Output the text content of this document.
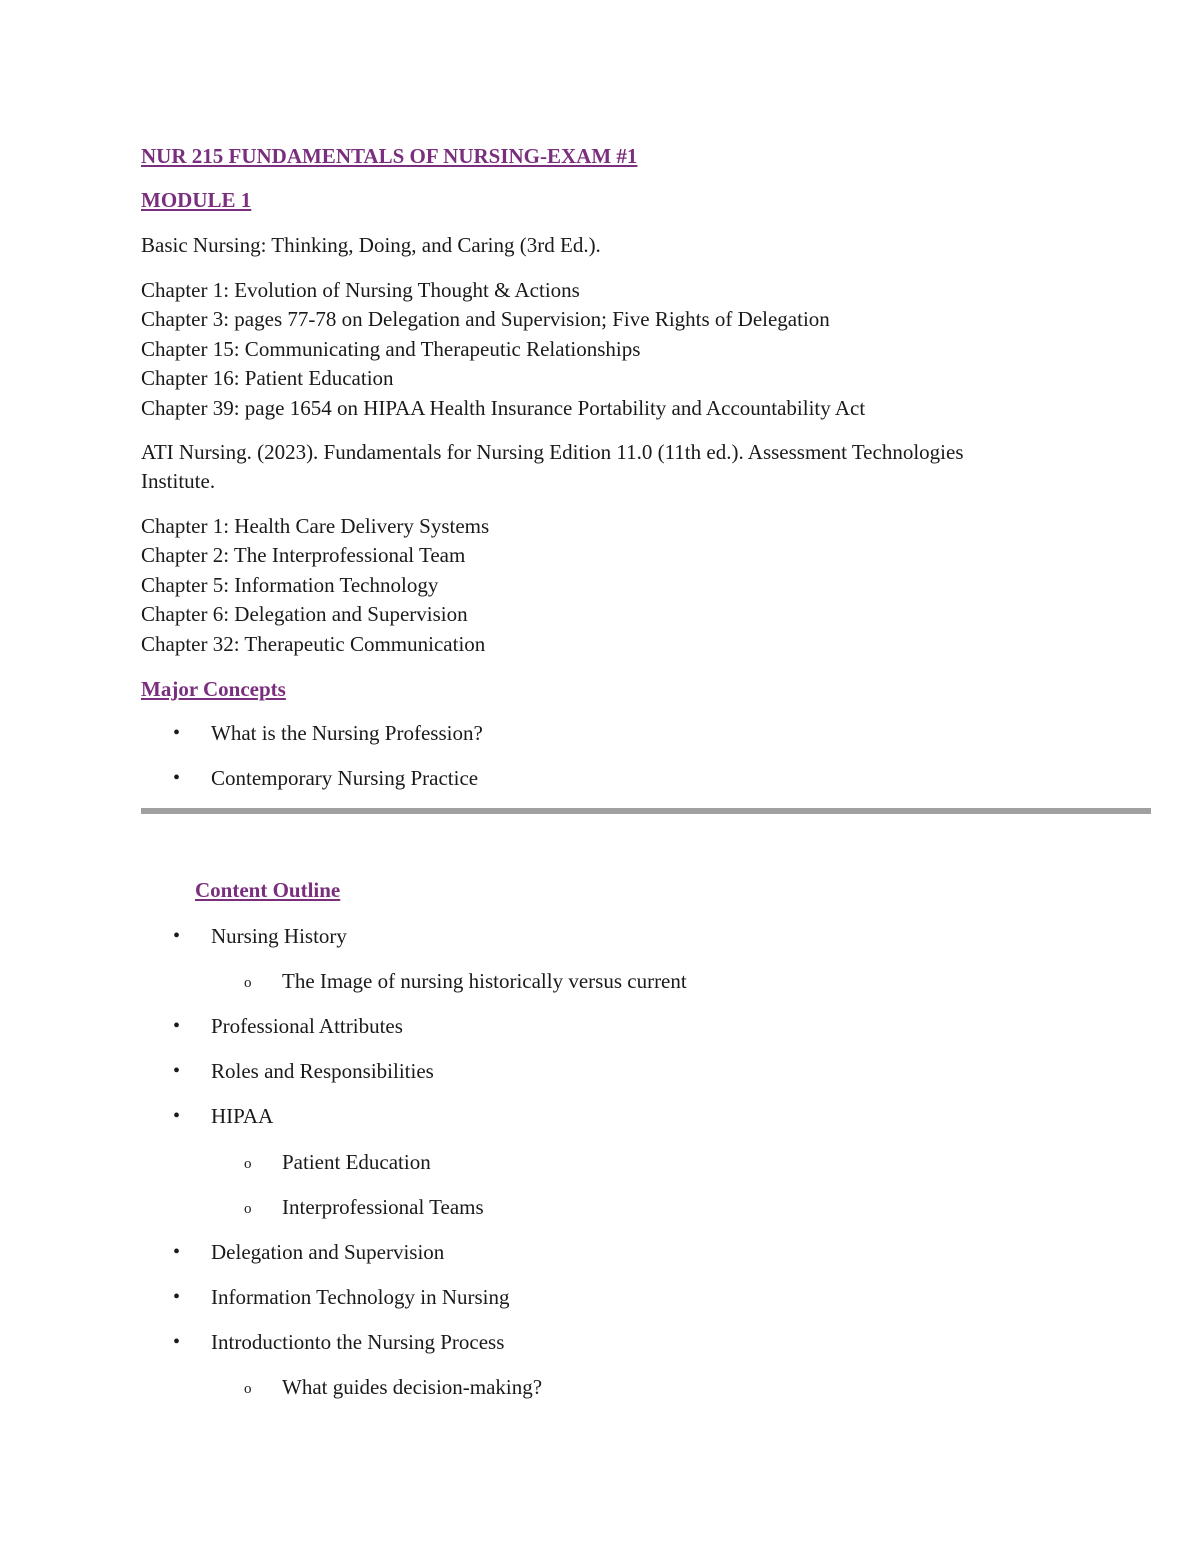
NUR 215 FUNDAMENTALS OF NURSING-EXAM #1
MODULE 1
Basic Nursing: Thinking, Doing, and Caring (3rd Ed.).
Chapter 1: Evolution of Nursing Thought & Actions
Chapter 3: pages 77-78 on Delegation and Supervision; Five Rights of Delegation
Chapter 15: Communicating and Therapeutic Relationships
Chapter 16: Patient Education
Chapter 39: page 1654 on HIPAA Health Insurance Portability and Accountability Act
ATI Nursing. (2023). Fundamentals for Nursing Edition 11.0 (11th ed.). Assessment Technologies Institute.
Chapter 1: Health Care Delivery Systems
Chapter 2: The Interprofessional Team
Chapter 5: Information Technology
Chapter 6: Delegation and Supervision
Chapter 32: Therapeutic Communication
Major Concepts
•	What is the Nursing Profession?
•	Contemporary Nursing Practice
Content Outline
•	Nursing History
o The Image of nursing historically versus current
•	Professional Attributes
•	Roles and Responsibilities
•	HIPAA
o Patient Education
o Interprofessional Teams
•	Delegation and Supervision
•	Information Technology in Nursing
•	Introductionto the Nursing Process
o What guides decision-making?
